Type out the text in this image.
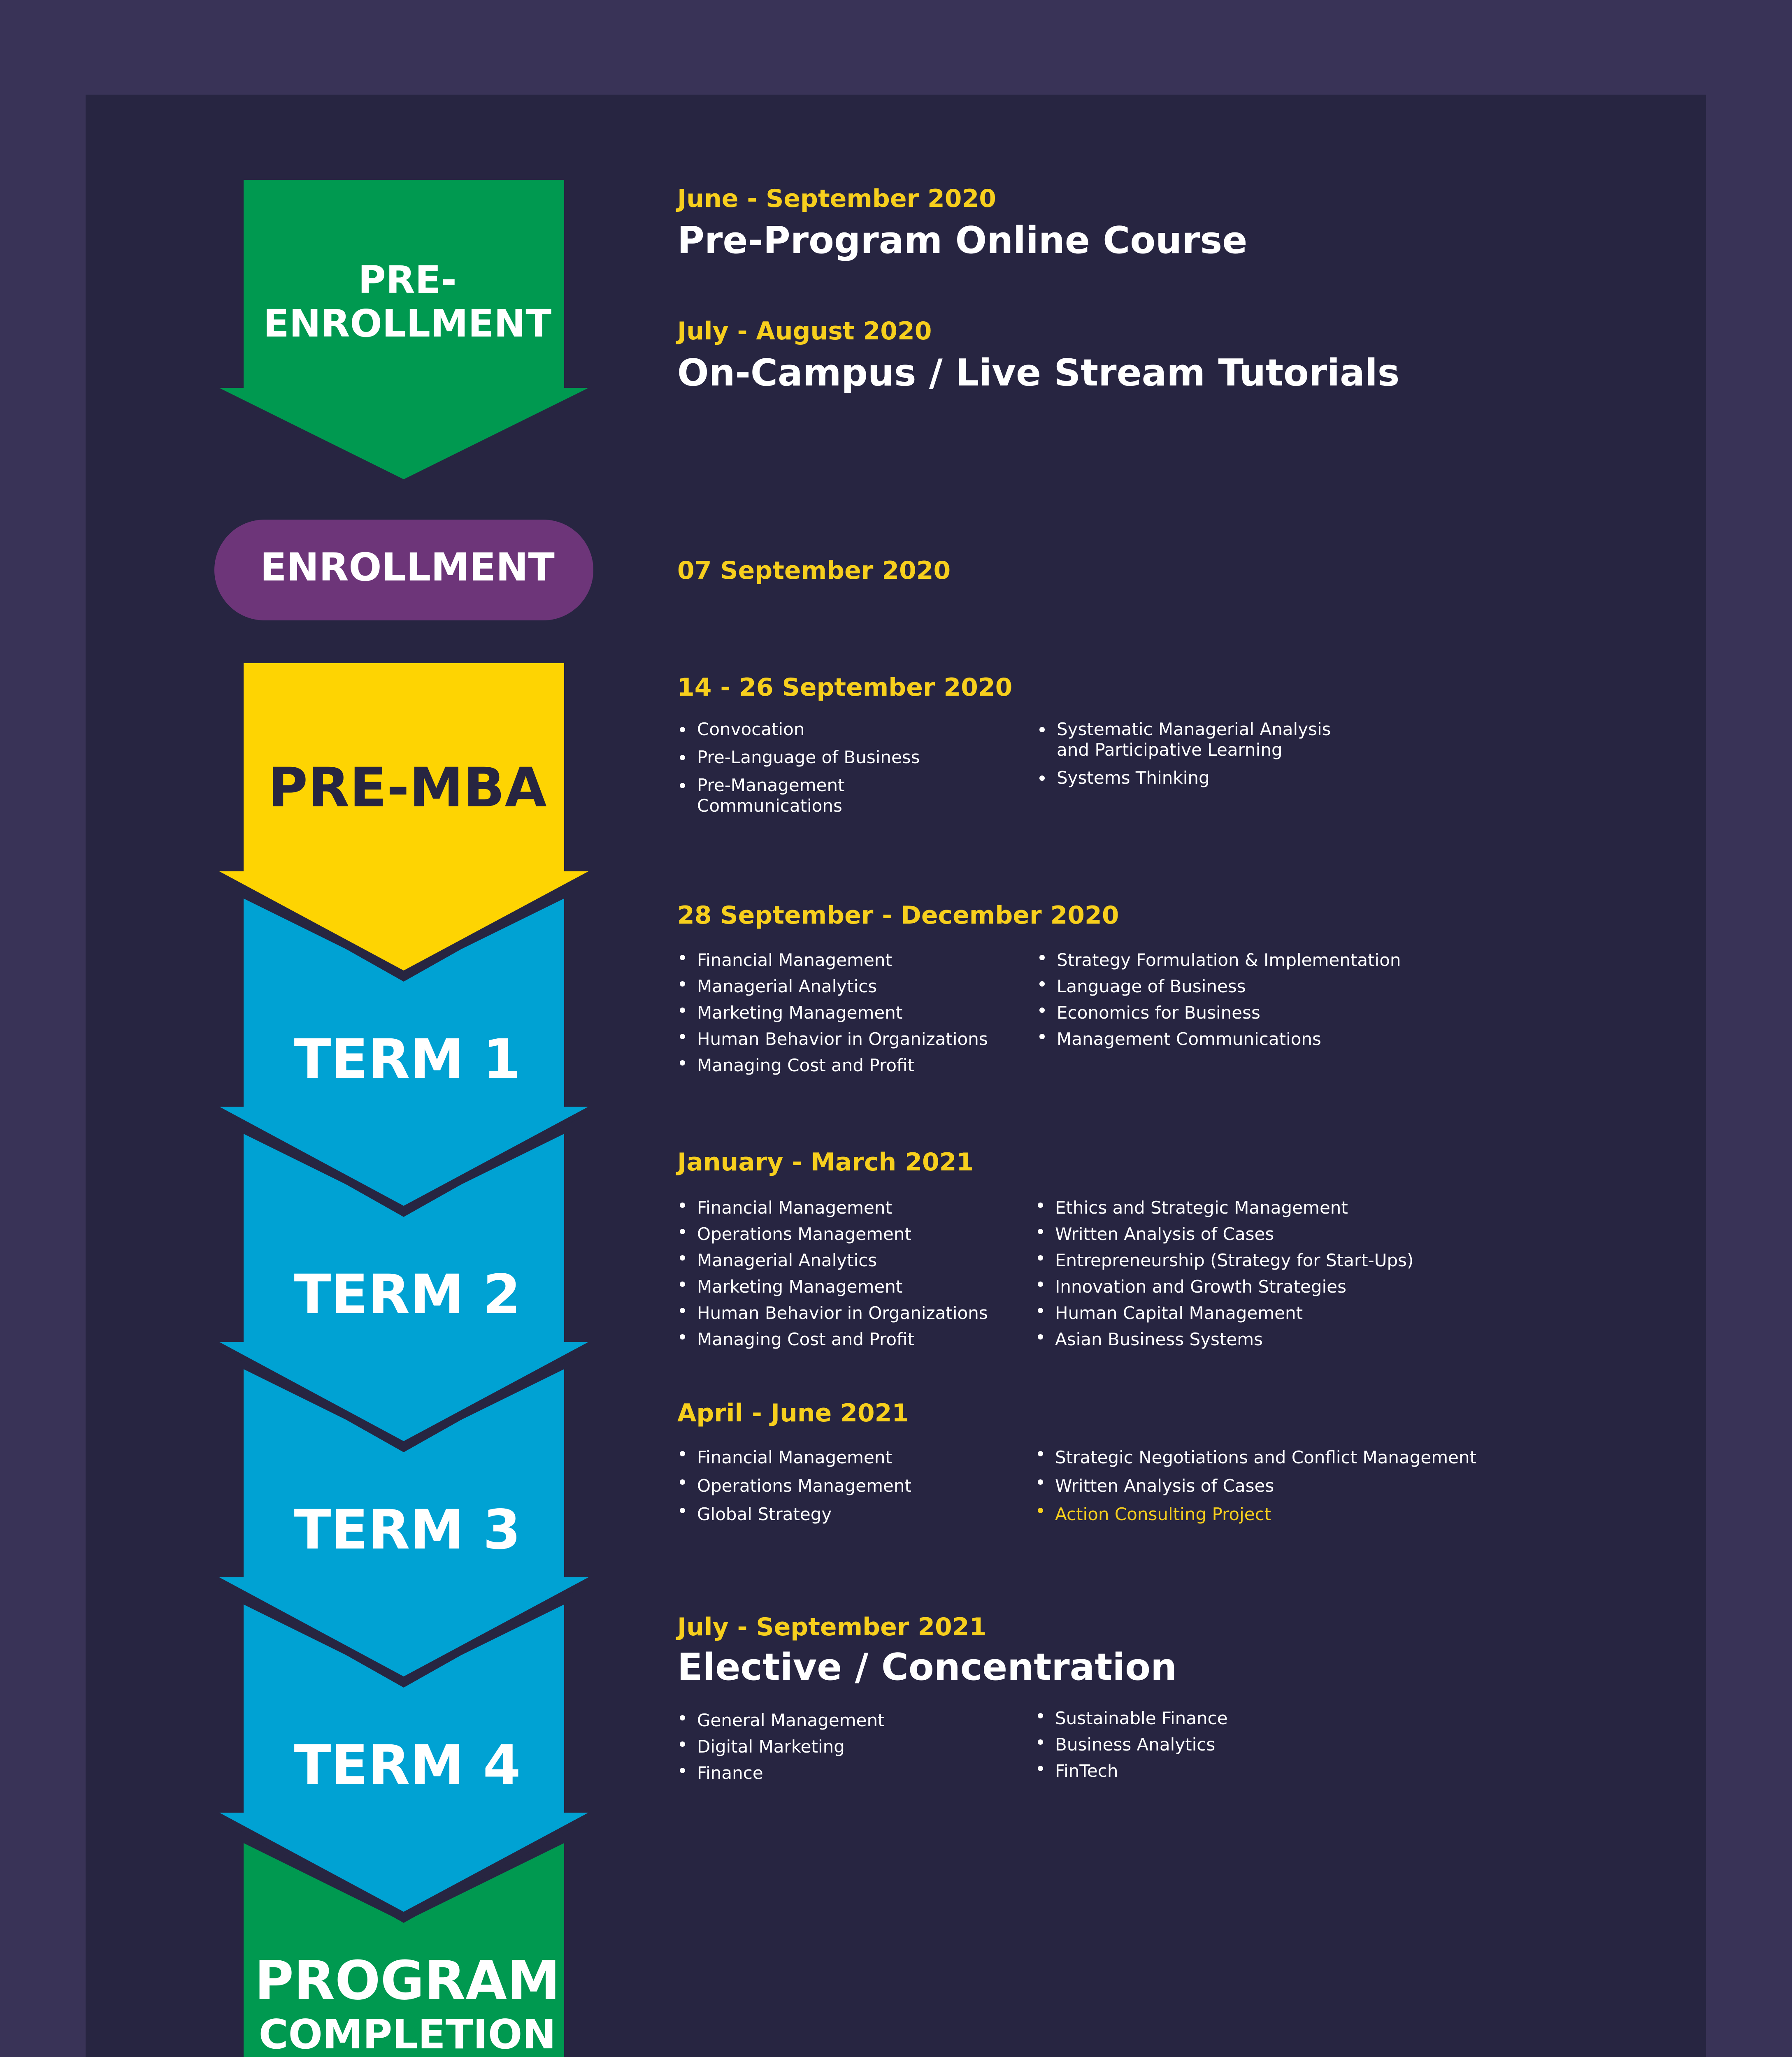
PRE-
ENROLLMENT
ENROLLMENT
PRE-MBA
TERM 1
TERM 2
TERM 3
TERM 4
PROGRAM
COMPLETION
June - September 2020
Pre-Program Online Course
July - August 2020
On-Campus / Live Stream Tutorials
07 September 2020
14 - 26 September 2020
Convocation
Pre-Language of Business
Pre-Management Communications
Systematic Managerial Analysis and Participative Learning
Systems Thinking
28 September - December 2020
Financial Management
Managerial Analytics
Marketing Management
Human Behavior in Organizations
Managing Cost and Profit
Strategy Formulation & Implementation
Language of Business
Economics for Business
Management Communications
January - March 2021
Financial Management
Operations Management
Managerial Analytics
Marketing Management
Human Behavior in Organizations
Managing Cost and Profit
Ethics and Strategic Management
Written Analysis of Cases
Entrepreneurship (Strategy for Start-Ups)
Innovation and Growth Strategies
Human Capital Management
Asian Business Systems
April - June 2021
Financial Management
Operations Management
Global Strategy
Strategic Negotiations and Conflict Management
Written Analysis of Cases
Action Consulting Project
July - September 2021
Elective / Concentration
General Management
Digital Marketing
Finance
Sustainable Finance
Business Analytics
FinTech
